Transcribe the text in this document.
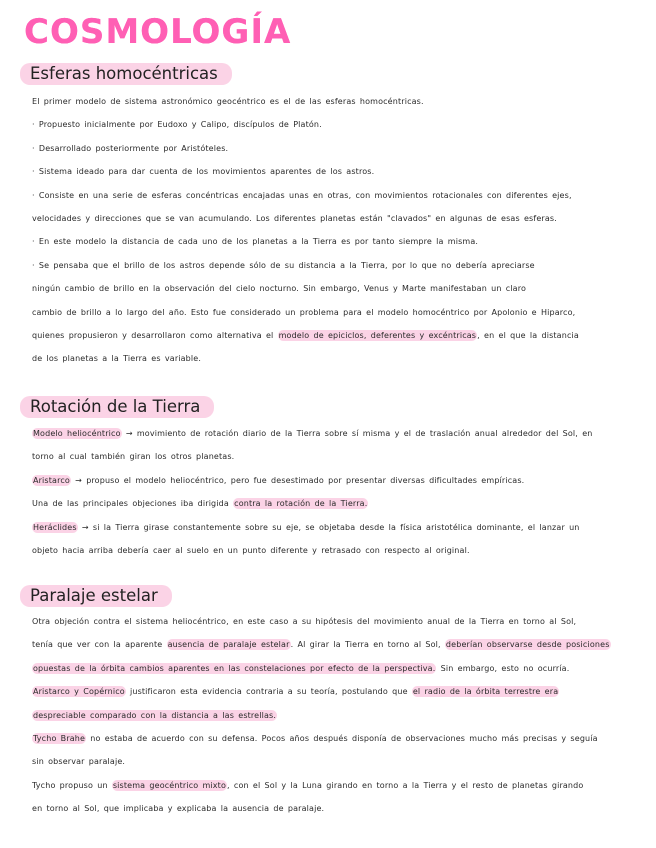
COSMOLOGÍA
Esferas homocéntricas
El primer modelo de sistema astronómico geocéntrico es el de las esferas homocéntricas.
· Propuesto inicialmente por Eudoxo y Calipo, discípulos de Platón.
· Desarrollado posteriormente por Aristóteles.
· Sistema ideado para dar cuenta de los movimientos aparentes de los astros.
· Consiste en una serie de esferas concéntricas encajadas unas en otras, con movimientos rotacionales con diferentes ejes,
velocidades y direcciones que se van acumulando. Los diferentes planetas están "clavados" en algunas de esas esferas.
· En este modelo la distancia de cada uno de los planetas a la Tierra es por tanto siempre la misma.
· Se pensaba que el brillo de los astros depende sólo de su distancia a la Tierra, por lo que no debería apreciarse
ningún cambio de brillo en la observación del cielo nocturno. Sin embargo, Venus y Marte manifestaban un claro
cambio de brillo a lo largo del año. Esto fue considerado un problema para el modelo homocéntrico por Apolonio e Hiparco,
quienes propusieron y desarrollaron como alternativa el modelo de epiciclos, deferentes y excéntricas, en el que la distancia
de los planetas a la Tierra es variable.
Rotación de la Tierra
Modelo heliocéntrico → movimiento de rotación diario de la Tierra sobre sí misma y el de traslación anual alrededor del Sol, en
torno al cual también giran los otros planetas.
Aristarco → propuso el modelo heliocéntrico, pero fue desestimado por presentar diversas dificultades empíricas.
Una de las principales objeciones iba dirigida contra la rotación de la Tierra.
Heráclides → si la Tierra girase constantemente sobre su eje, se objetaba desde la física aristotélica dominante, el lanzar un
objeto hacia arriba debería caer al suelo en un punto diferente y retrasado con respecto al original.
Paralaje estelar
Otra objeción contra el sistema heliocéntrico, en este caso a su hipótesis del movimiento anual de la Tierra en torno al Sol,
tenía que ver con la aparente ausencia de paralaje estelar. Al girar la Tierra en torno al Sol, deberían observarse desde posiciones
opuestas de la órbita cambios aparentes en las constelaciones por efecto de la perspectiva. Sin embargo, esto no ocurría.
Aristarco y Copérnico justificaron esta evidencia contraria a su teoría, postulando que el radio de la órbita terrestre era
despreciable comparado con la distancia a las estrellas.
Tycho Brahe no estaba de acuerdo con su defensa. Pocos años después disponía de observaciones mucho más precisas y seguía
sin observar paralaje.
Tycho propuso un sistema geocéntrico mixto, con el Sol y la Luna girando en torno a la Tierra y el resto de planetas girando
en torno al Sol, que implicaba y explicaba la ausencia de paralaje.
